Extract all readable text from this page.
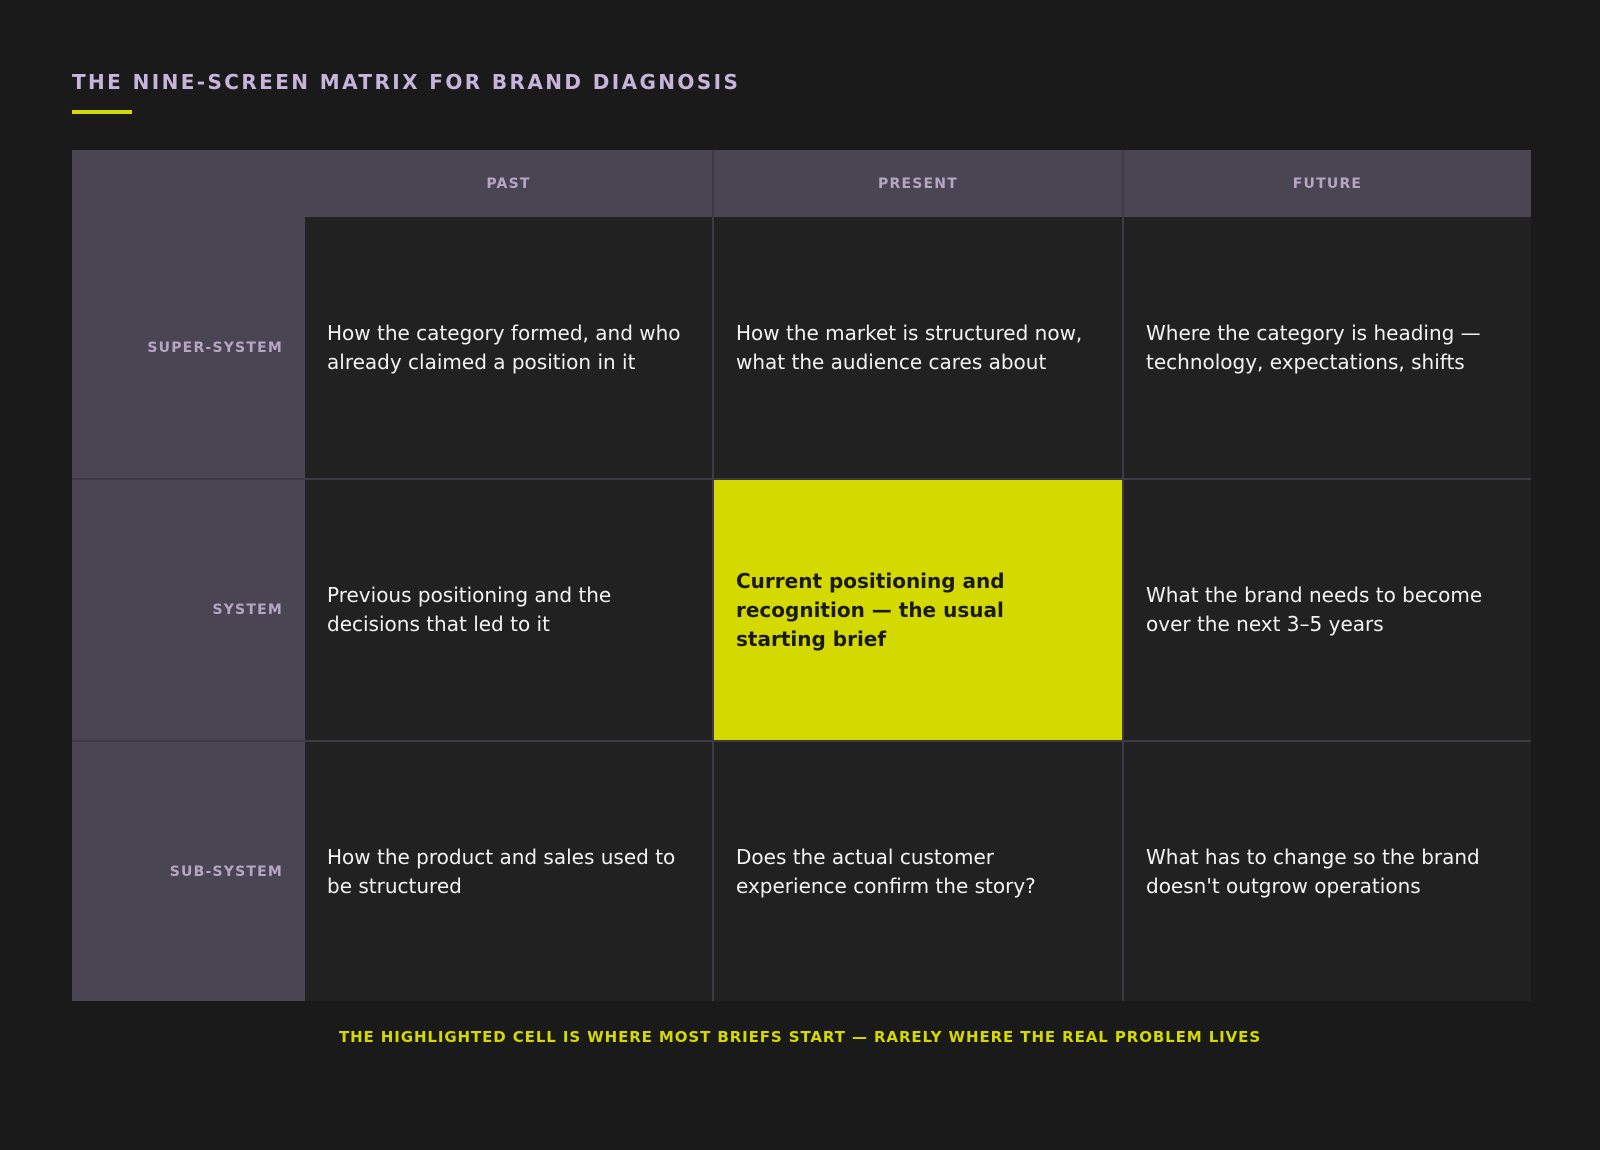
THE NINE-SCREEN MATRIX FOR BRAND DIAGNOSIS
PAST	PRESENT	FUTURE
SUPER-SYSTEM
How the category formed, and who already claimed a position in it
How the market is structured now, what the audience cares about
Where the category is heading — technology, expectations, shifts
SYSTEM
Previous positioning and the decisions that led to it
Current positioning and recognition — the usual starting brief
What the brand needs to become over the next 3–5 years
SUB-SYSTEM
How the product and sales used to be structured
Does the actual customer experience confirm the story?
What has to change so the brand doesn't outgrow operations
THE HIGHLIGHTED CELL IS WHERE MOST BRIEFS START — RARELY WHERE THE REAL PROBLEM LIVES
